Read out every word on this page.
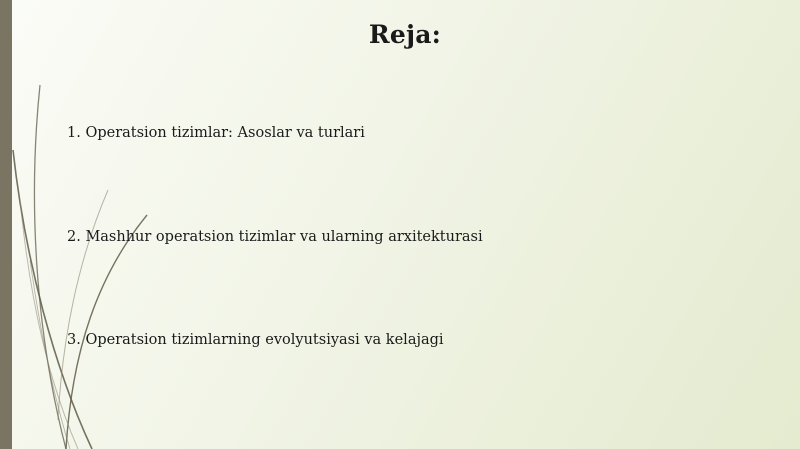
Reja:
1. Operatsion tizimlar: Asoslar va turlari
2. Mashhur operatsion tizimlar va ularning arxitekturasi
3. Operatsion tizimlarning evolyutsiyasi va kelajagi
